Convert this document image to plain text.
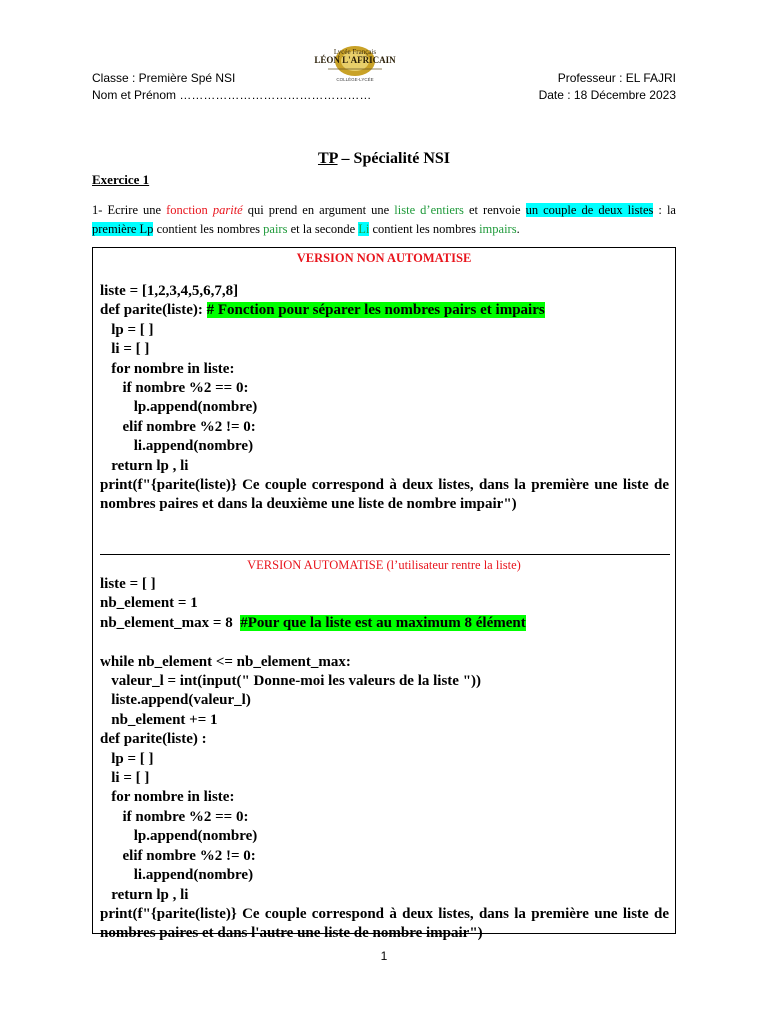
Classe : Première Spé NSI
Nom et Prénom …………………………………………
Professeur : EL FAJRI
Date : 18 Décembre 2023
Lycée Français
LÉON L'AFRICAIN
COLLÈGE-LYCÉE
TP – Spécialité NSI
Exercice 1
1- Ecrire une fonction parité qui prend en argument une liste d’entiers et renvoie un couple de deux listes : la première Lp contient les nombres pairs et la seconde Li contient les nombres impairs.
VERSION NON AUTOMATISE
liste = [1,2,3,4,5,6,7,8]
def parite(liste): # Fonction pour séparer les nombres pairs et impairs
lp = [ ]
li = [ ]
for nombre in liste:
if nombre %2 == 0:
lp.append(nombre)
elif nombre %2 != 0:
li.append(nombre)
return lp , li
print(f"{parite(liste)} Ce couple correspond à deux listes, dans la première une liste de nombres paires et dans la deuxième une liste de nombre impair")
VERSION AUTOMATISE (l’utilisateur rentre la liste)
liste = [ ]
nb_element = 1
nb_element_max = 8  #Pour que la liste est au maximum 8 élément

while nb_element <= nb_element_max:
valeur_l = int(input(" Donne-moi les valeurs de la liste "))
liste.append(valeur_l)
nb_element += 1
def parite(liste) :
lp = [ ]
li = [ ]
for nombre in liste:
if nombre %2 == 0:
lp.append(nombre)
elif nombre %2 != 0:
li.append(nombre)
return lp , li
print(f"{parite(liste)} Ce couple correspond à deux listes, dans la première une liste de nombres paires et dans l'autre une liste de nombre impair")
1
